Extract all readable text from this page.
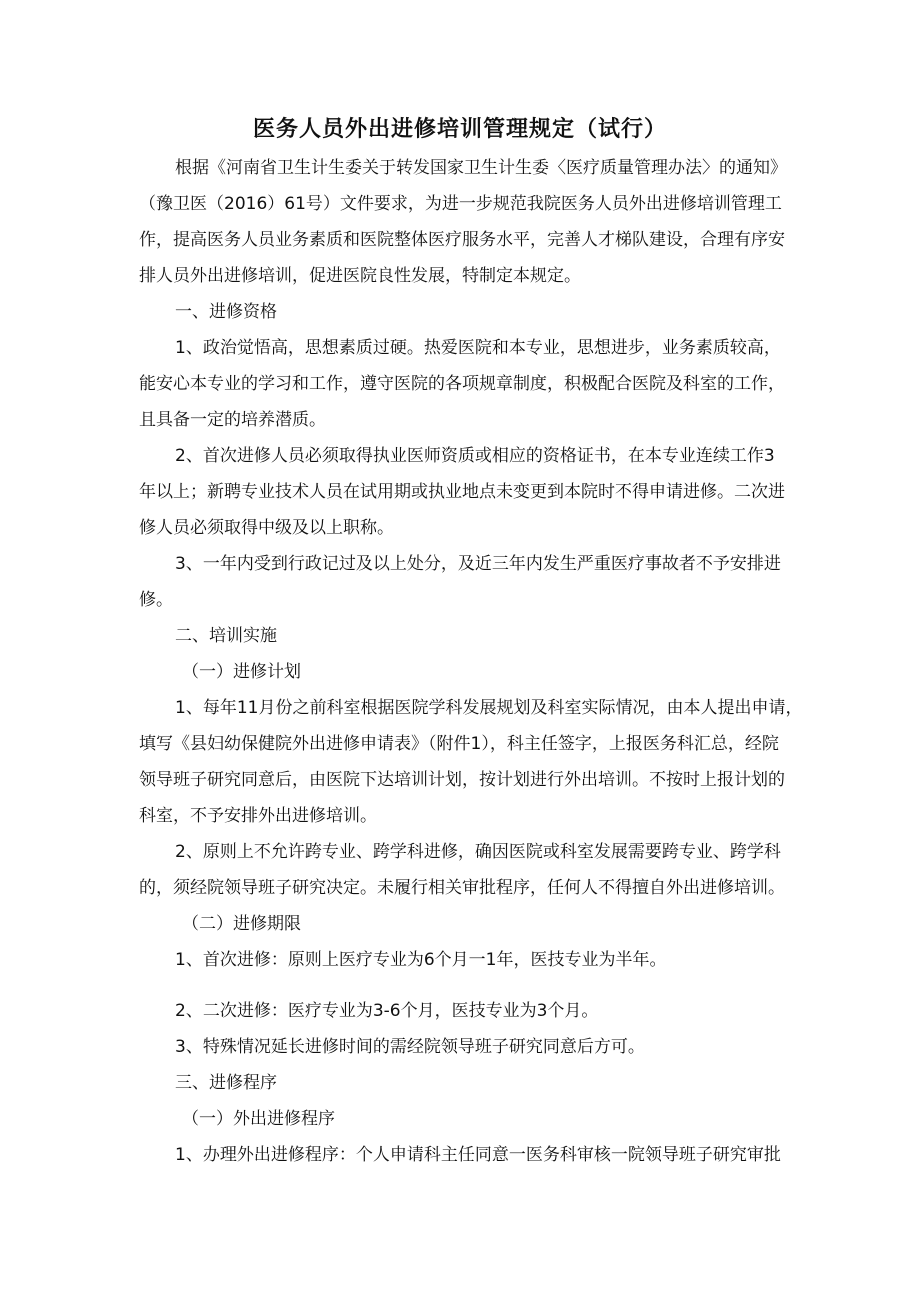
医务人员外出进修培训管理规定（试行）
根据《河南省卫生计生委关于转发国家卫生计生委〈医疗质量管理办法〉的通知》
（豫卫医（2016）61号）文件要求，为进一步规范我院医务人员外出进修培训管理工
作，提高医务人员业务素质和医院整体医疗服务水平，完善人才梯队建设，合理有序安
排人员外出进修培训，促进医院良性发展，特制定本规定。
一、进修资格
1、政治觉悟高，思想素质过硬。热爱医院和本专业，思想进步，业务素质较高，
能安心本专业的学习和工作，遵守医院的各项规章制度，积极配合医院及科室的工作，
且具备一定的培养潜质。
2、首次进修人员必须取得执业医师资质或相应的资格证书，在本专业连续工作3
年以上；新聘专业技术人员在试用期或执业地点未变更到本院时不得申请进修。二次进
修人员必须取得中级及以上职称。
3、一年内受到行政记过及以上处分，及近三年内发生严重医疗事故者不予安排进
修。
二、培训实施
（一）进修计划
1、每年11月份之前科室根据医院学科发展规划及科室实际情况，由本人提出申请，
填写《县妇幼保健院外出进修申请表》（附件1），科主任签字，上报医务科汇总，经院
领导班子研究同意后，由医院下达培训计划，按计划进行外出培训。不按时上报计划的
科室，不予安排外出进修培训。
2、原则上不允许跨专业、跨学科进修，确因医院或科室发展需要跨专业、跨学科
的，须经院领导班子研究决定。未履行相关审批程序，任何人不得擅自外出进修培训。
（二）进修期限
1、首次进修：原则上医疗专业为6个月一1年，医技专业为半年。
2、二次进修：医疗专业为3-6个月，医技专业为3个月。
3、特殊情况延长进修时间的需经院领导班子研究同意后方可。
三、进修程序
（一）外出进修程序
1、办理外出进修程序：个人申请科主任同意一医务科审核一院领导班子研究审批
